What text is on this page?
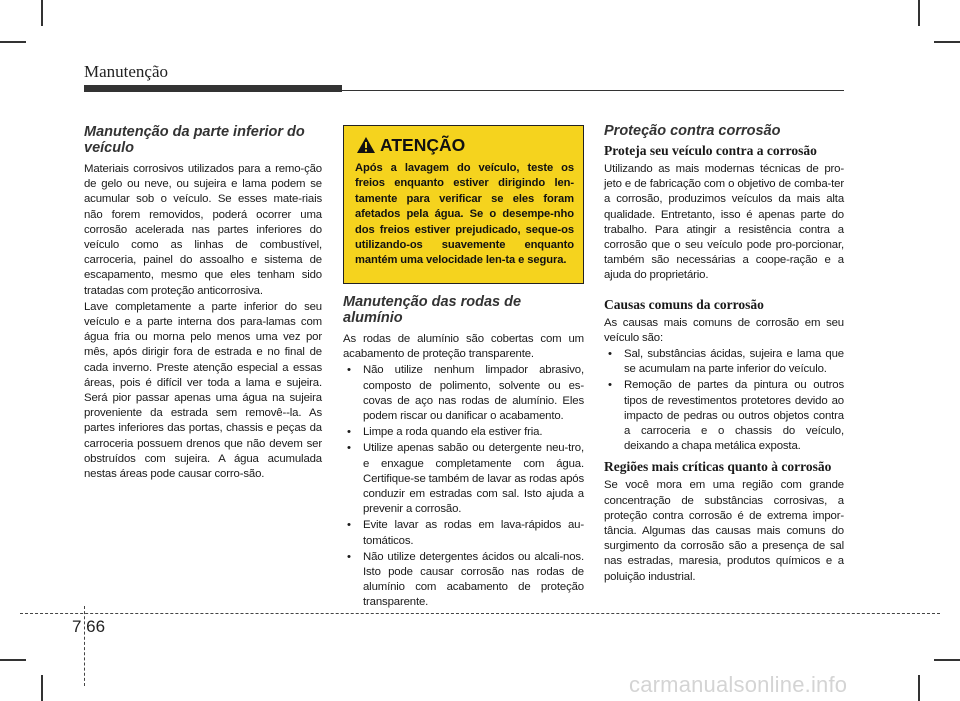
Manutenção
Manutenção da parte inferior do veículo

Materiais corrosivos utilizados para a remo-ção de gelo ou neve, ou sujeira e lama podem se acumular sob o veículo. Se esses mate-riais não forem removidos, poderá ocorrer uma corrosão acelerada nas partes inferiores do veículo como as linhas de combustível, carroceria, painel do assoalho e sistema de escapamento, mesmo que eles tenham sido tratadas com proteção anticorrosiva.

Lave completamente a parte inferior do seu veículo e a parte interna dos para-lamas com água fria ou morna pelo menos uma vez por mês, após dirigir fora de estrada e no final de cada inverno. Preste atenção especial a essas áreas, pois é difícil ver toda a lama e sujeira. Será pior passar apenas uma água na sujeira proveniente da estrada sem removê--la. As partes inferiores das portas, chassis e peças da carroceria possuem drenos que não devem ser obstruídos com sujeira. A água acumulada nestas áreas pode causar corro-são.

ATENÇÃO
Após a lavagem do veículo, teste os freios enquanto estiver dirigindo len-tamente para verificar se eles foram afetados pela água. Se o desempe-nho dos freios estiver prejudicado, seque-os utilizando-os suavemente enquanto mantém uma velocidade len-ta e segura.
Manutenção das rodas de alumínio

As rodas de alumínio são cobertas com um acabamento de proteção transparente.

• Não utilize nenhum limpador abrasivo, composto de polimento, solvente ou es-covas de aço nas rodas de alumínio. Eles podem riscar ou danificar o acabamento.
• Limpe a roda quando ela estiver fria.
• Utilize apenas sabão ou detergente neu-tro, e enxague completamente com água. Certifique-se também de lavar as rodas após conduzir em estradas com sal. Isto ajuda a prevenir a corrosão.
• Evite lavar as rodas em lava-rápidos au-tomáticos.
• Não utilize detergentes ácidos ou alcali-nos. Isto pode causar corrosão nas rodas de alumínio com acabamento de proteção transparente.
Proteção contra corrosão
Proteja seu veículo contra a corrosão

Utilizando as mais modernas técnicas de pro-jeto e de fabricação com o objetivo de comba-ter a corrosão, produzimos veículos da mais alta qualidade. Entretanto, isso é apenas parte do trabalho. Para atingir a resistência contra a corrosão que o seu veículo pode pro-porcionar, também são necessárias a coope-ração e a ajuda do proprietário.

Causas comuns da corrosão

As causas mais comuns de corrosão em seu veículo são:

• Sal, substâncias ácidas, sujeira e lama que se acumulam na parte inferior do veículo.
• Remoção de partes da pintura ou outros tipos de revestimentos protetores devido ao impacto de pedras ou outros objetos contra a carroceria e o chassis do veículo, deixando a chapa metálica exposta.
Regiões mais críticas quanto à corrosão

Se você mora em uma região com grande concentração de substâncias corrosivas, a proteção contra corrosão é de extrema impor-tância. Algumas das causas mais comuns do surgimento da corrosão são a presença de sal nas estradas, maresia, produtos químicos e a poluição industrial.

7 66
carmanualsonline.info
